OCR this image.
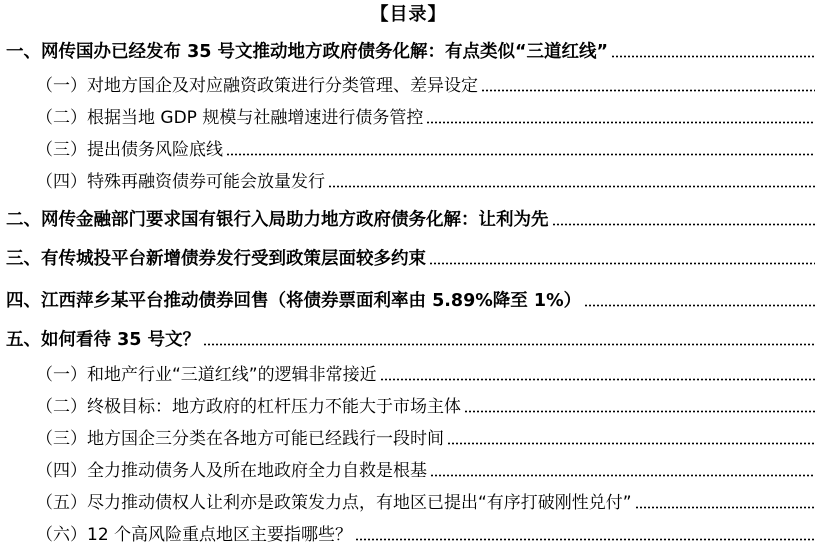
【目录】
一、网传国办已经发布 35 号文推动地方政府债务化解：有点类似“三道红线”
（一）对地方国企及对应融资政策进行分类管理、差异设定
（二）根据当地 GDP 规模与社融增速进行债务管控
（三）提出债务风险底线
（四）特殊再融资债券可能会放量发行
二、网传金融部门要求国有银行入局助力地方政府债务化解：让利为先
三、有传城投平台新增债券发行受到政策层面较多约束
四、江西萍乡某平台推动债券回售（将债券票面利率由 5.89%降至 1%）
五、如何看待 35 号文？
（一）和地产行业“三道红线”的逻辑非常接近
（二）终极目标：地方政府的杠杆压力不能大于市场主体
（三）地方国企三分类在各地方可能已经践行一段时间
（四）全力推动债务人及所在地政府全力自救是根基
（五）尽力推动债权人让利亦是政策发力点，有地区已提出“有序打破刚性兑付”
（六）12 个高风险重点地区主要指哪些？
